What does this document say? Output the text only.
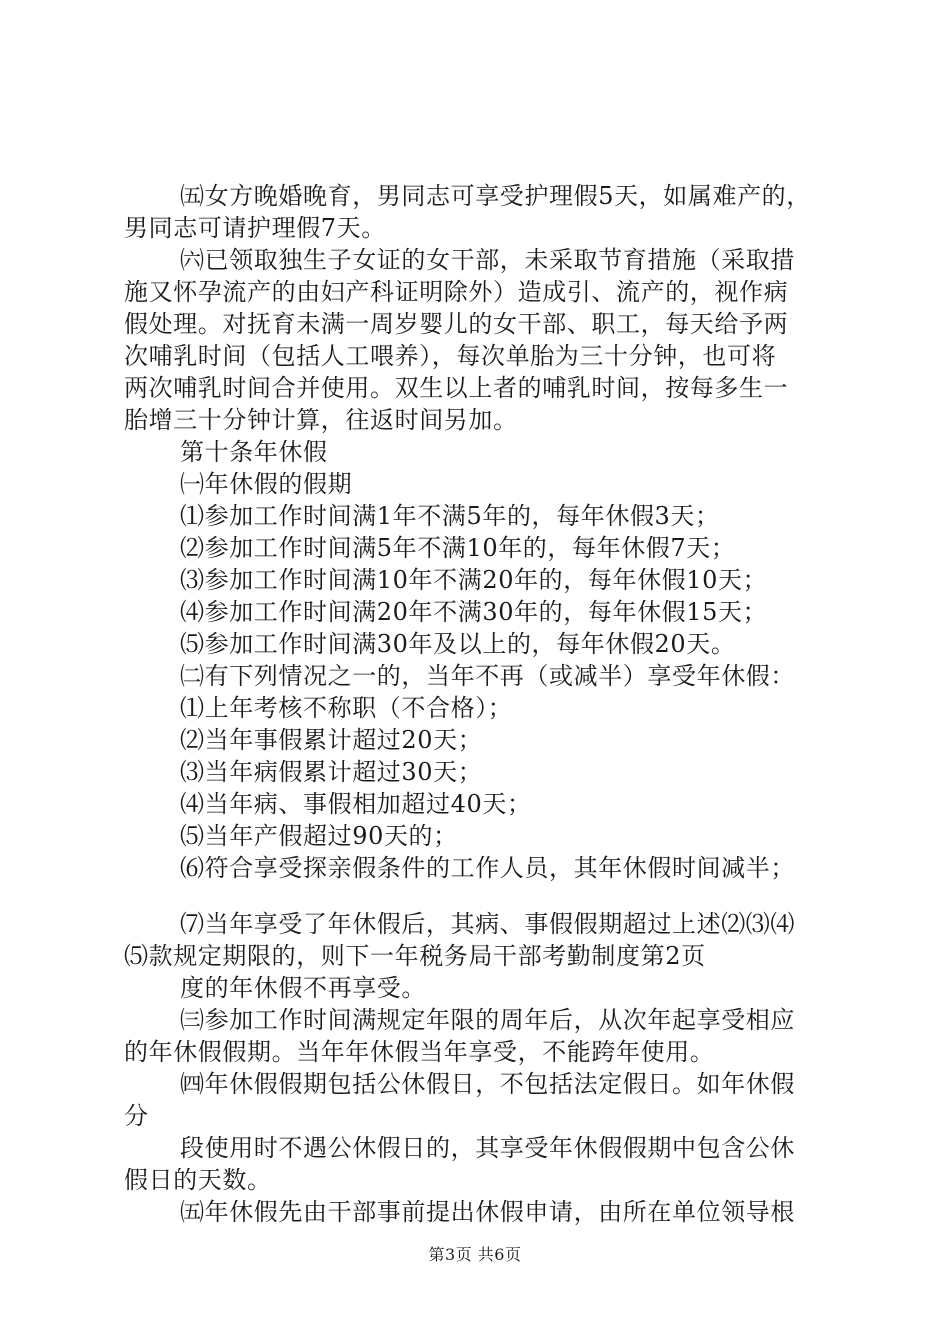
㈤女方晚婚晚育，男同志可享受护理假5天，如属难产的，
男同志可请护理假7天。
㈥已领取独生子女证的女干部，未采取节育措施（采取措
施又怀孕流产的由妇产科证明除外）造成引、流产的，视作病
假处理。对抚育未满一周岁婴儿的女干部、职工，每天给予两
次哺乳时间（包括人工喂养），每次单胎为三十分钟，也可将
两次哺乳时间合并使用。双生以上者的哺乳时间，按每多生一
胎增三十分钟计算，往返时间另加。
第十条年休假
㈠年休假的假期
⑴参加工作时间满1年不满5年的，每年休假3天；
⑵参加工作时间满5年不满10年的，每年休假7天；
⑶参加工作时间满10年不满20年的，每年休假10天；
⑷参加工作时间满20年不满30年的，每年休假15天；
⑸参加工作时间满30年及以上的，每年休假20天。
㈡有下列情况之一的，当年不再（或减半）享受年休假：
⑴上年考核不称职（不合格）；
⑵当年事假累计超过20天；
⑶当年病假累计超过30天；
⑷当年病、事假相加超过40天；
⑸当年产假超过90天的；
⑹符合享受探亲假条件的工作人员，其年休假时间减半；
⑺当年享受了年休假后，其病、事假假期超过上述⑵⑶⑷
⑸款规定期限的，则下一年税务局干部考勤制度第2页
度的年休假不再享受。
㈢参加工作时间满规定年限的周年后，从次年起享受相应
的年休假假期。当年年休假当年享受，不能跨年使用。
㈣年休假假期包括公休假日，不包括法定假日。如年休假
分
段使用时不遇公休假日的，其享受年休假假期中包含公休
假日的天数。
㈤年休假先由干部事前提出休假申请，由所在单位领导根
第3页 共6页
